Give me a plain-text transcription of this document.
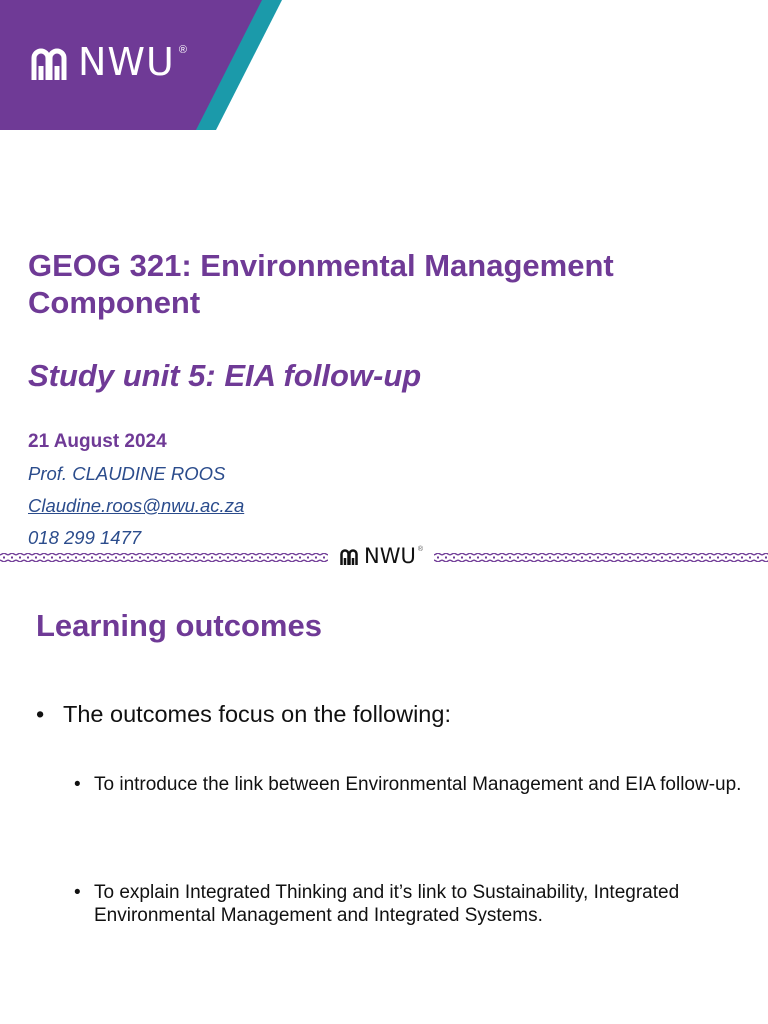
NWU ®
GEOG 321: Environmental Management Component
Study unit 5: EIA follow-up
21 August 2024
Prof. CLAUDINE ROOS
Claudine.roos@nwu.ac.za
018 299 1477
NWU ®
Learning outcomes
• The outcomes focus on the following:
• To introduce the link between Environmental Management and EIA follow-up.
• To explain Integrated Thinking and it’s link to Sustainability, Integrated Environmental Management and Integrated Systems.
